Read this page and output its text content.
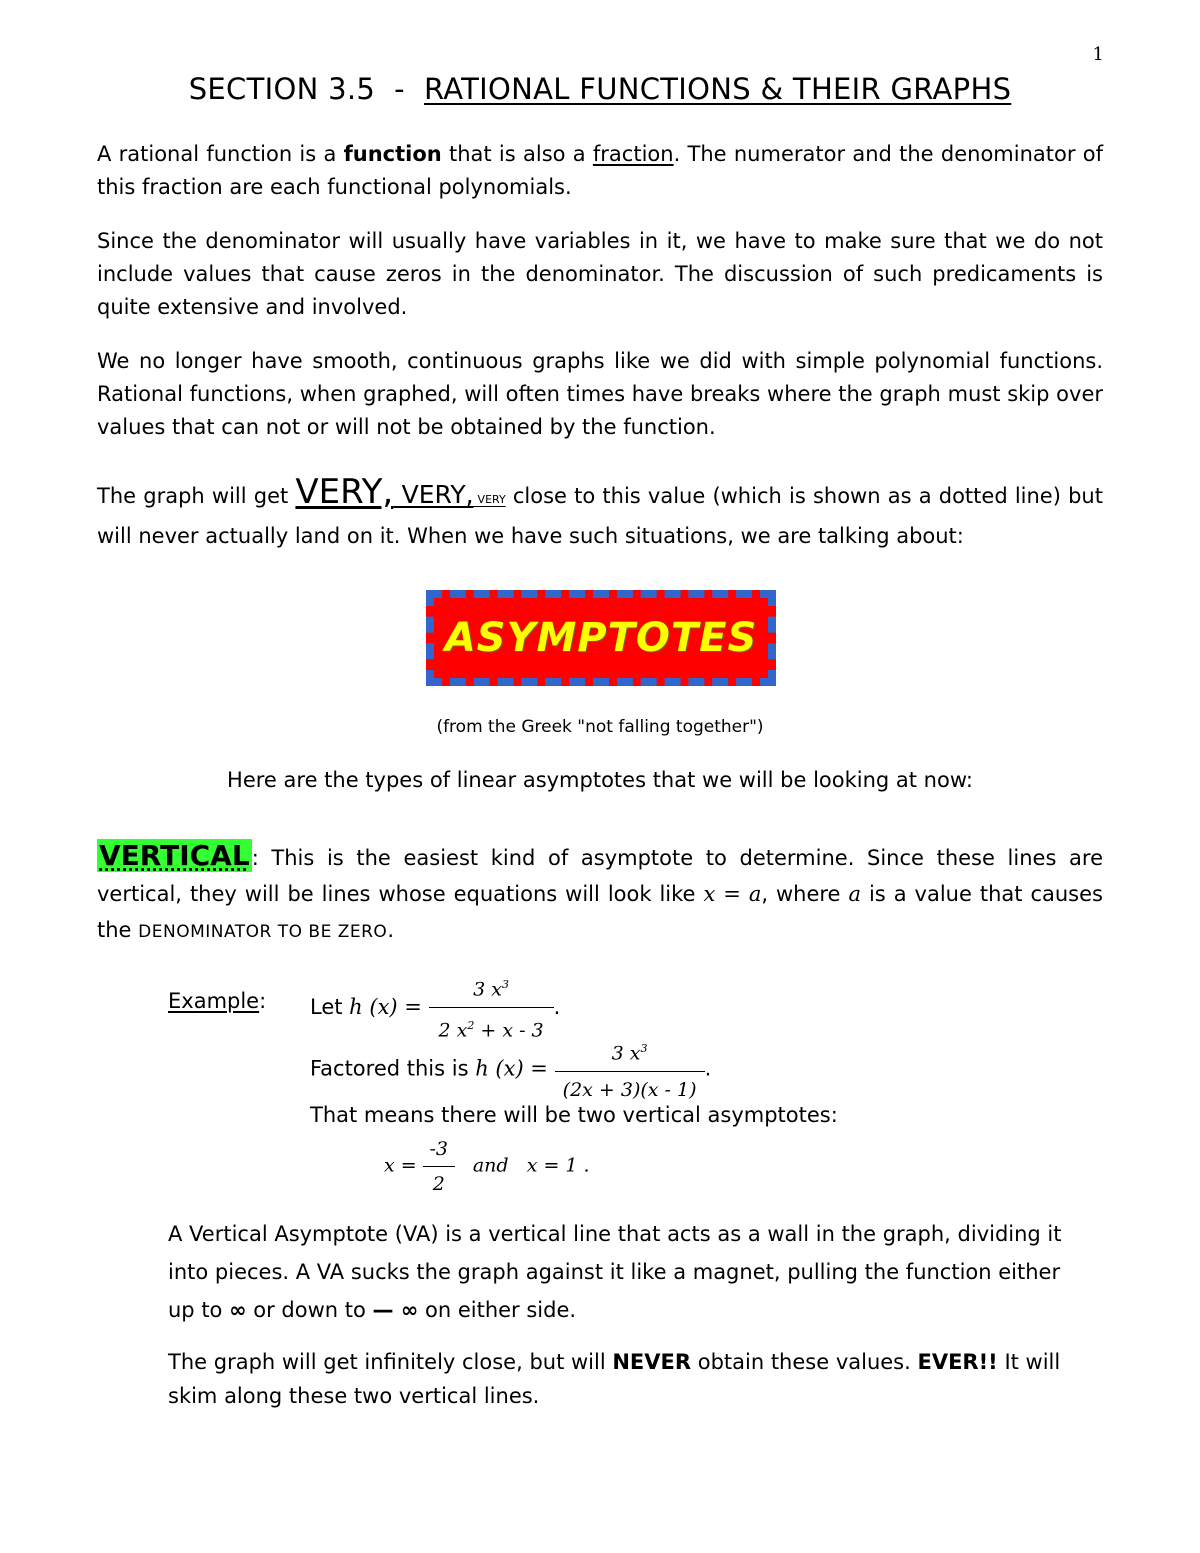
1
SECTION 3.5 - RATIONAL FUNCTIONS & THEIR GRAPHS
A rational function is a function that is also a fraction. The numerator and the denominator of this fraction are each functional polynomials.
Since the denominator will usually have variables in it, we have to make sure that we do not include values that cause zeros in the denominator. The discussion of such predicaments is quite extensive and involved.
We no longer have smooth, continuous graphs like we did with simple polynomial functions. Rational functions, when graphed, will often times have breaks where the graph must skip over values that can not or will not be obtained by the function.
The graph will get VERY, VERY, VERY close to this value (which is shown as a dotted line) but will never actually land on it. When we have such situations, we are talking about:
ASYMPTOTES
(from the Greek "not falling together")
Here are the types of linear asymptotes that we will be looking at now:
VERTICAL: This is the easiest kind of asymptote to determine. Since these lines are vertical, they will be lines whose equations will look like x = a, where a is a value that causes the DENOMINATOR TO BE ZERO.
Example: Let h $(x) = \frac{3 x^3}{2 x^2 + x - 3}$ .
Factored this is h $(x) = \frac{3 x^3}{(2x + 3)(x - 1)}$ .
That means there will be two vertical asymptotes:
$x = \frac{-3}{2}$ and x = 1 .
A Vertical Asymptote (VA) is a vertical line that acts as a wall in the graph, dividing it into pieces. A VA sucks the graph against it like a magnet, pulling the function either up to ∞ or down to — ∞ on either side.
The graph will get infinitely close, but will NEVER obtain these values. EVER!! It will skim along these two vertical lines.
